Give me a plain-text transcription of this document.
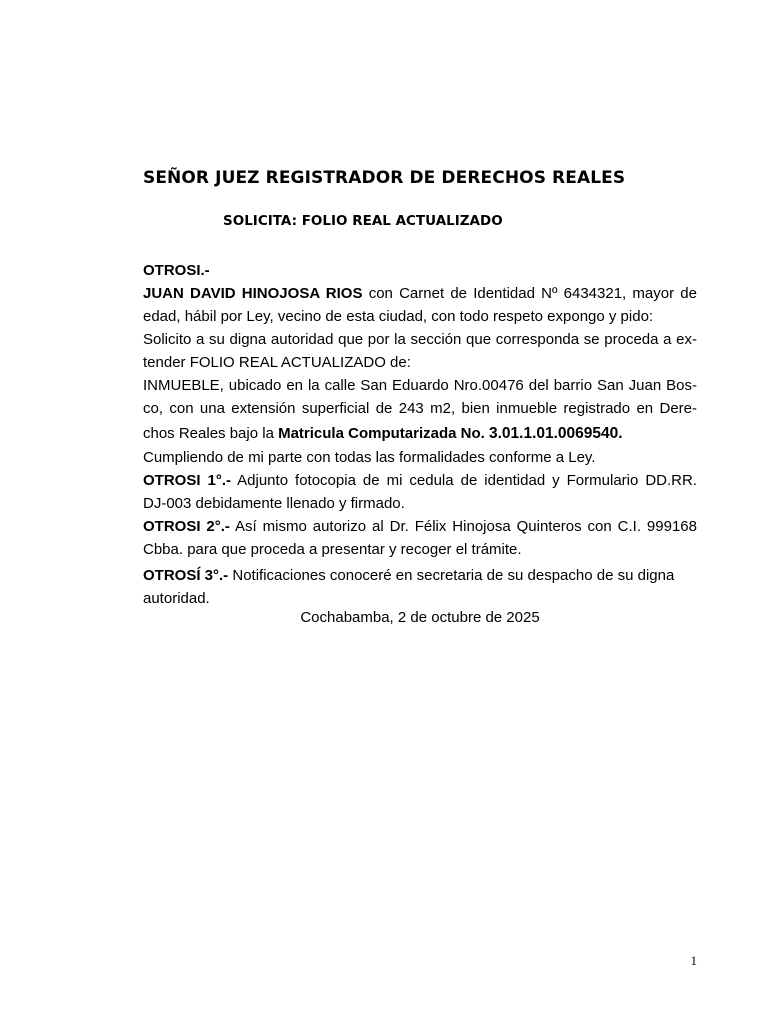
SEÑOR JUEZ REGISTRADOR DE DERECHOS REALES
SOLICITA: FOLIO REAL ACTUALIZADO
OTROSI.-
JUAN DAVID HINOJOSA RIOS con Carnet de Identidad Nº 6434321, mayor de
edad, hábil por Ley, vecino de esta ciudad, con todo respeto expongo y pido:
Solicito a su digna autoridad que por la sección que corresponda se proceda a ex-
tender FOLIO REAL ACTUALIZADO de:
INMUEBLE, ubicado en la calle San Eduardo Nro.00476 del barrio San Juan Bos-
co, con una extensión superficial de 243 m2, bien inmueble registrado en Dere-
chos Reales bajo la Matricula Computarizada No. 3.01.1.01.0069540.
Cumpliendo de mi parte con todas las formalidades conforme a Ley.
OTROSI 1°.- Adjunto fotocopia de mi cedula de identidad y Formulario DD.RR.
DJ-003 debidamente llenado y firmado.
OTROSI 2°.- Así mismo autorizo al Dr. Félix Hinojosa Quinteros con C.I. 999168
Cbba. para que proceda a presentar y recoger el trámite.
OTROSÍ 3°.- Notificaciones conoceré en secretaria de su despacho de su digna
autoridad.
Cochabamba, 2 de octubre de 2025
1
